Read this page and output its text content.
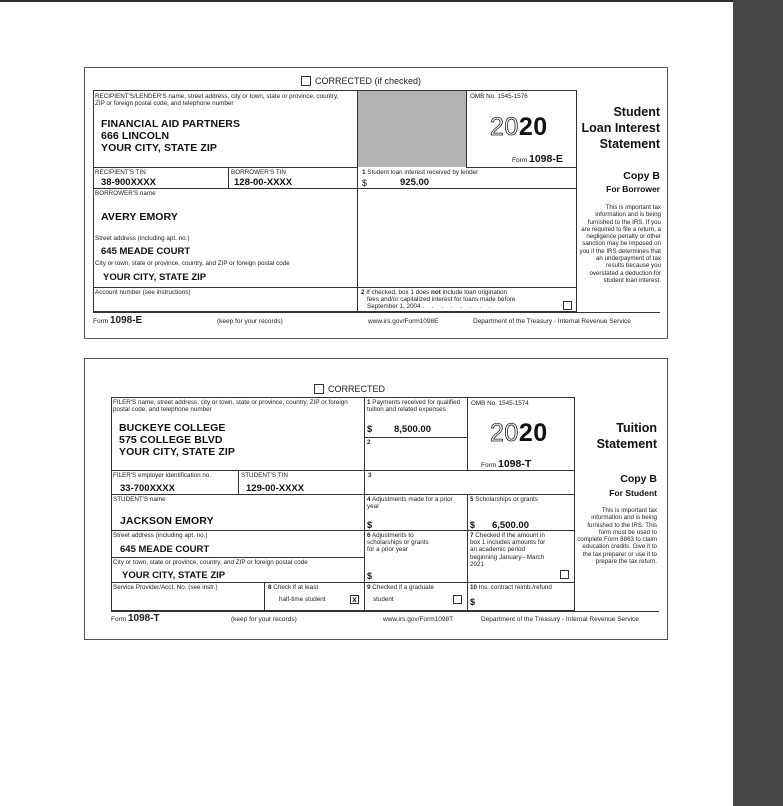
CORRECTED (if checked)
RECIPIENT'S/LENDER'S name, street address, city or town, state or province, country, ZIP or foreign postal code, and telephone number
FINANCIAL AID PARTNERS
666 LINCOLN
YOUR CITY, STATE ZIP
OMB No. 1545-1576
2020
Form 1098-E
Student
Loan Interest
Statement
RECIPIENT'S TIN
38-900XXXX
BORROWER'S TIN
128-00-XXXX
1 Student loan interest received by lender
$	925.00
Copy B
For Borrower
BORROWER'S name
AVERY EMORY
Street address (including apt. no.)
645 MEADE COURT
City or town, state or province, country, and ZIP or foreign postal code
YOUR CITY, STATE ZIP
This is important tax information and is being furnished to the IRS. If you are required to file a return, a negligence penalty or other sanction may be imposed on you if the IRS determines that an underpayment of tax results because you overstated a deduction for student loan interest.
Account number (see instructions)	2 If checked, box 1 does not include loan origination
fees and/or capitalized interest for loans made before
September 1, 2004 . . . . . . . .
Form 1098-E	(keep for your records)	www.irs.gov/Form1098E	Department of the Treasury - Internal Revenue Service
CORRECTED
FILER'S name, street address, city or town, state or province, country, ZIP or foreign postal code, and telephone number
BUCKEYE COLLEGE
575 COLLEGE BLVD
YOUR CITY, STATE ZIP
1 Payments received for qualified tuition and related expenses
$ 8,500.00
2
OMB No. 1545-1574
2020
Form 1098-T
Tuition
Statement
FILER'S employer identification no.
33-700XXXX
STUDENT'S TIN
129-00-XXXX
3	Copy B
For Student
STUDENT'S name
JACKSON EMORY
4 Adjustments made for a prior year
$
5 Scholarships or grants
$ 6,500.00
This is important tax information and is being furnished to the IRS. This form must be used to complete Form 8863 to claim education credits. Give it to the tax preparer or use it to prepare the tax return.
Street address (including apt. no.)
645 MEADE COURT
City or town, state or province, country, and ZIP or foreign postal code
YOUR CITY, STATE ZIP
6 Adjustments to scholarships or grants for a prior year
$
7 Checked if the amount in box 1 includes amounts for an academic period beginning January– March 2021
Service Provider/Acct. No. (see instr.)	8 Check if at least
half-time student	x
9 Checked if a graduate
student
10 Ins. contract reimb./refund
$
Form 1098-T	(keep for your records)	www.irs.gov/Form1098T	Department of the Treasury - Internal Revenue Service
